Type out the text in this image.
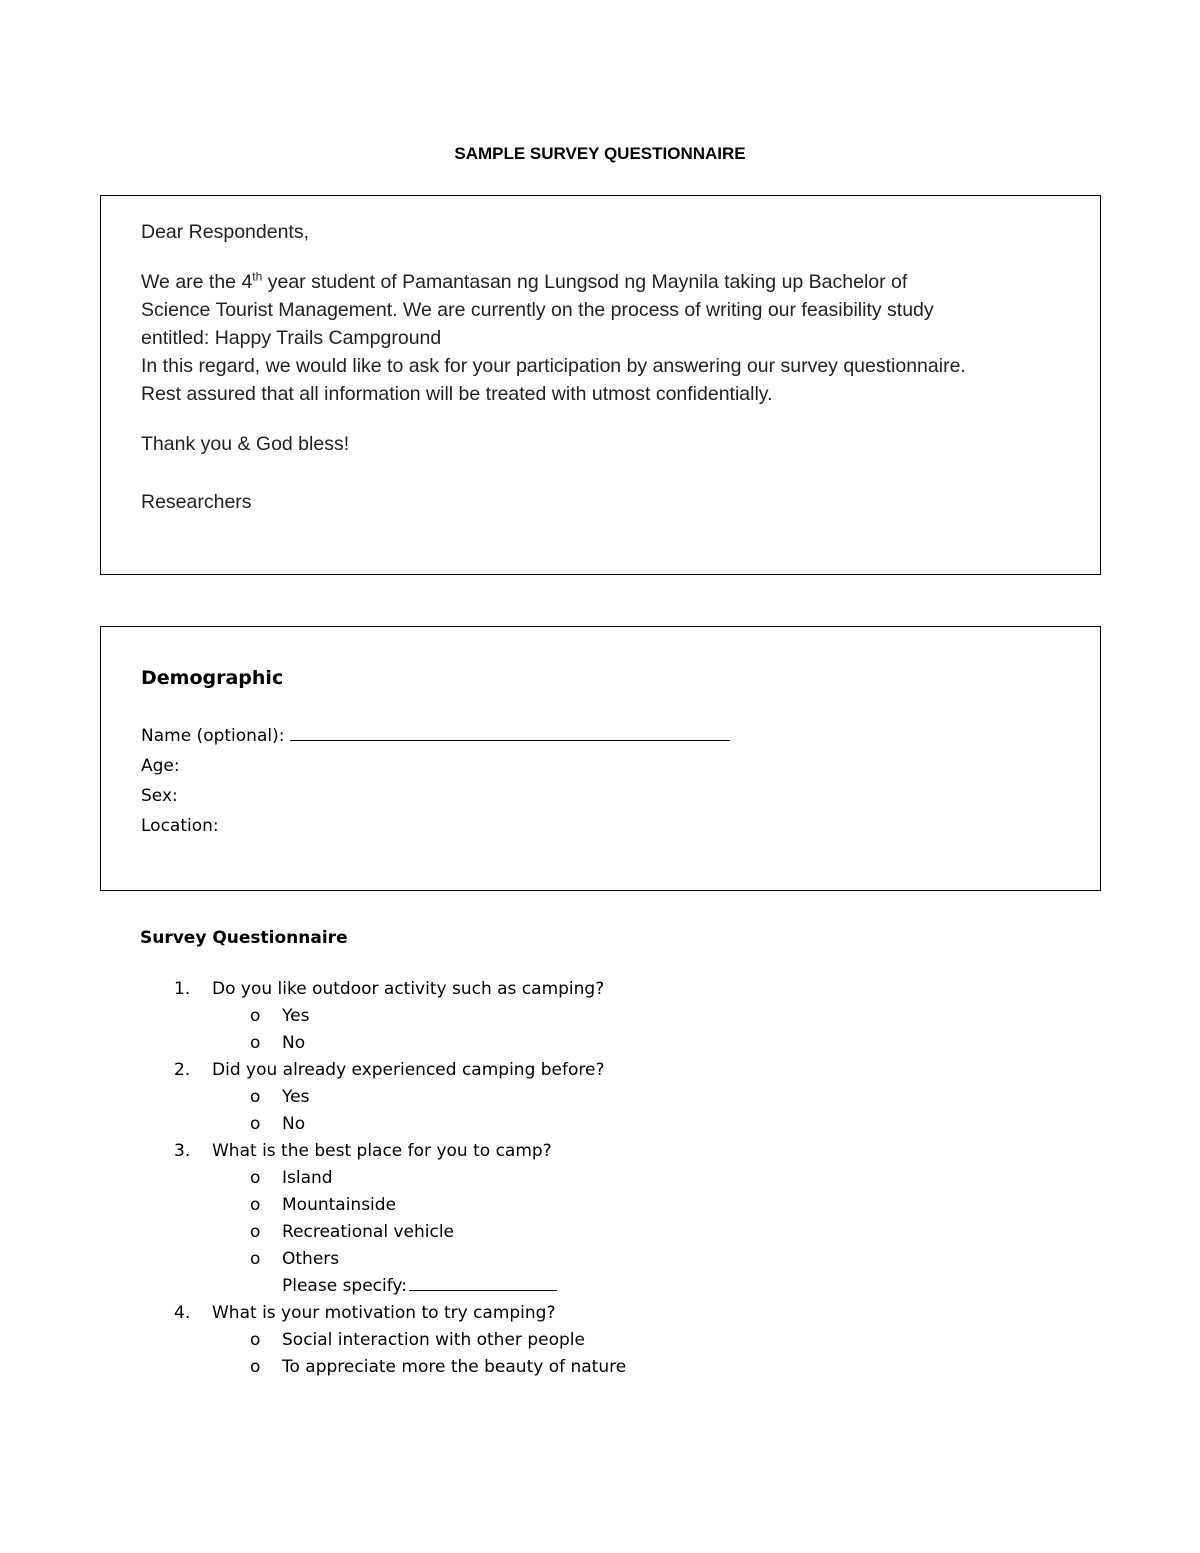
SAMPLE SURVEY QUESTIONNAIRE

Dear Respondents,

We are the 4th year student of Pamantasan ng Lungsod ng Maynila taking up Bachelor of

Science Tourist Management. We are currently on the process of writing our feasibility study

entitled: Happy Trails Campground

In this regard, we would like to ask for your participation by answering our survey questionnaire.

Rest assured that all information will be treated with utmost confidentially.

Thank you & God bless!

Researchers

Demographic
Name (optional):
Age:
Sex:
Location:
Survey Questionnaire
1. Do you like outdoor activity such as camping?
o Yes
o No
2. Did you already experienced camping before?
o Yes
o No
3. What is the best place for you to camp?
o Island
o Mountainside
o Recreational vehicle
o Others
Please specify:
4. What is your motivation to try camping?
o Social interaction with other people
o To appreciate more the beauty of nature
